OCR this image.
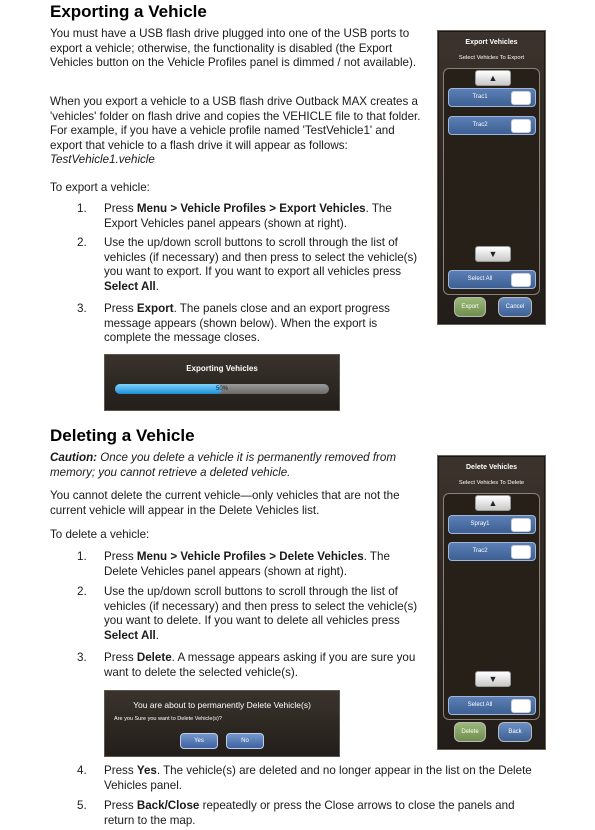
Exporting a Vehicle

You must have a USB flash drive plugged into one of the USB ports to export a vehicle; otherwise, the functionality is disabled (the Export Vehicles button on the Vehicle Profiles panel is dimmed / not available).

When you export a vehicle to a USB flash drive Outback MAX creates a 'vehicles' folder on flash drive and copies the VEHICLE file to that folder. For example, if you have a vehicle profile named 'TestVehicle1' and export that vehicle to a flash drive it will appear as follows: TestVehicle1.vehicle

To export a vehicle:

1.	Press Menu > Vehicle Profiles > Export Vehicles. The Export Vehicles panel appears (shown at right).
2.	Use the up/down scroll buttons to scroll through the list of vehicles (if necessary) and then press to select the vehicle(s) you want to export. If you want to export all vehicles press Select All.
3.	Press Export. The panels close and an export progress message appears (shown below). When the export is complete the message closes.
Exporting Vehicles
50%
Export Vehicles
Select Vehicles To Export
▲
Trac1
Trac2
▼
Select All
Export	Cancel
Deleting a Vehicle

Caution: Once you delete a vehicle it is permanently removed from memory; you cannot retrieve a deleted vehicle.

You cannot delete the current vehicle—only vehicles that are not the current vehicle will appear in the Delete Vehicles list.

To delete a vehicle:

1.	Press Menu > Vehicle Profiles > Delete Vehicles. The Delete Vehicles panel appears (shown at right).
2.	Use the up/down scroll buttons to scroll through the list of vehicles (if necessary) and then press to select the vehicle(s) you want to delete. If you want to delete all vehicles press Select All.
3.	Press Delete. A message appears asking if you are sure you want to delete the selected vehicle(s).
You are about to permanently Delete Vehicle(s)
Are you Sure you want to Delete Vehicle(s)?
Yes	No
4.	Press Yes. The vehicle(s) are deleted and no longer appear in the list on the Delete Vehicles panel.
5.	Press Back/Close repeatedly or press the Close arrows to close the panels and return to the map.
Delete Vehicles
Select Vehicles To Delete
▲
Spray1
Trac2
▼
Select All
Delete	Back
